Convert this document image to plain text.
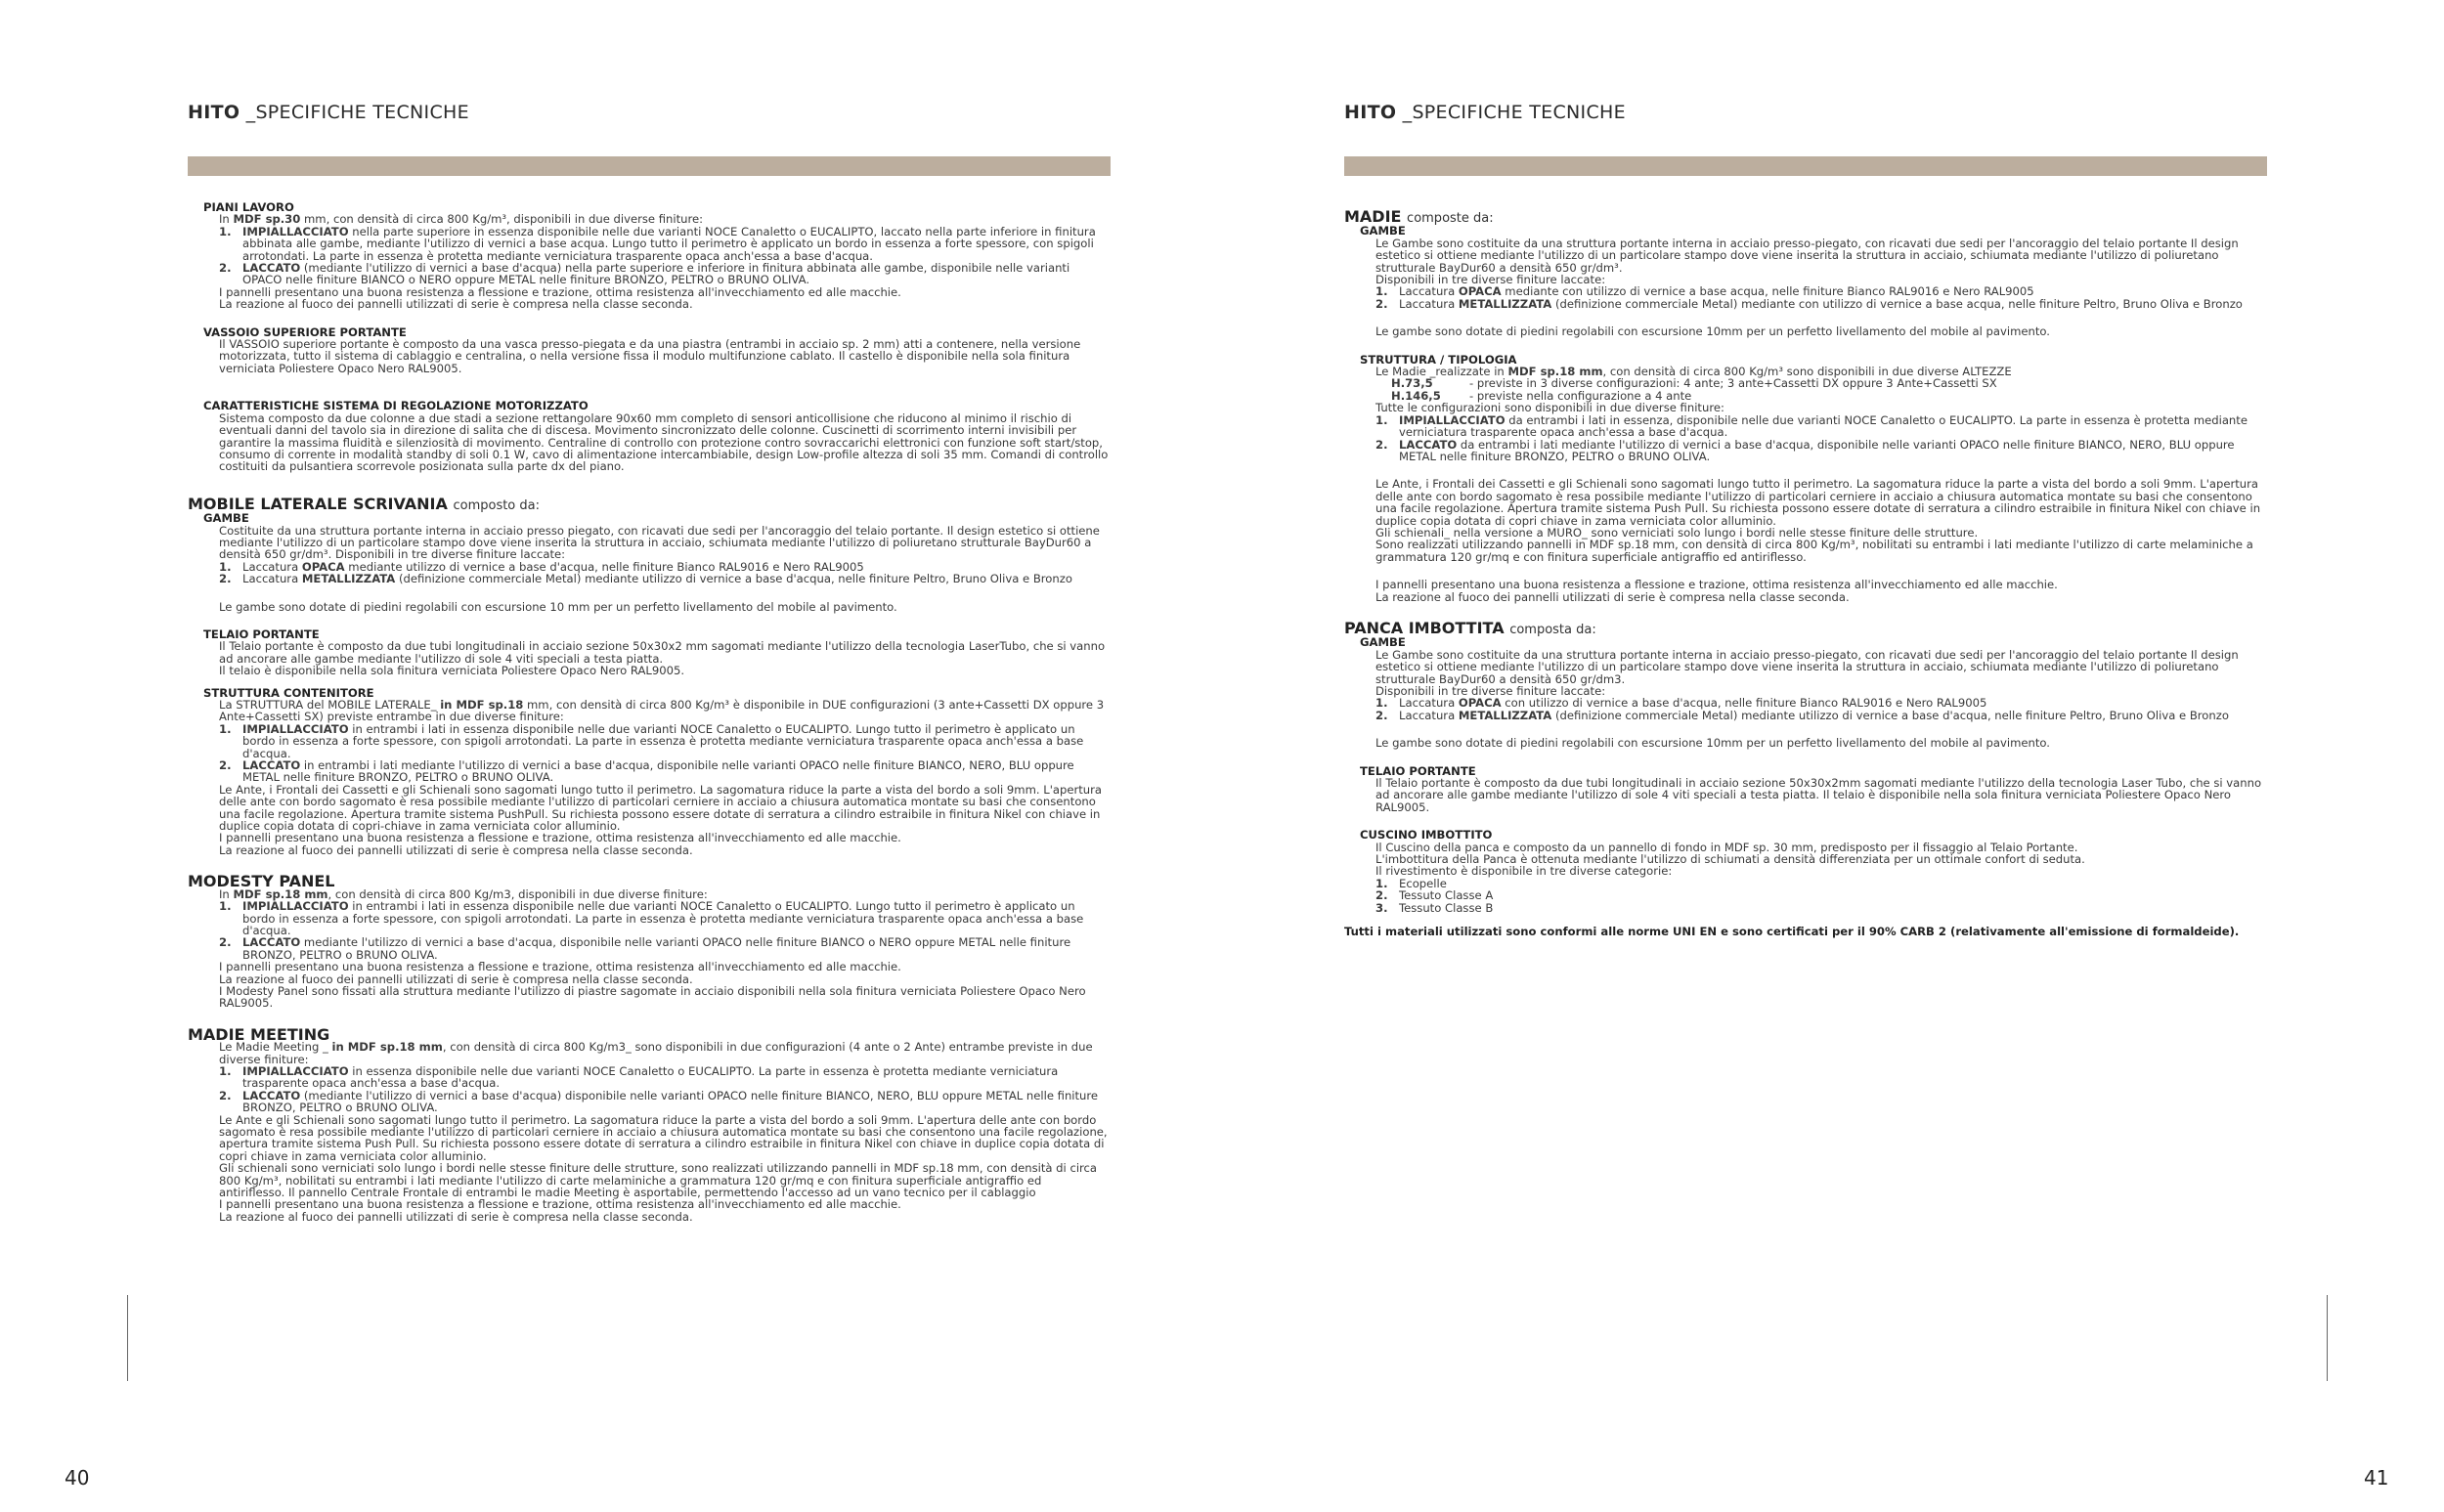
HITO _SPECIFICHE TECNICHE
PIANI LAVORO
In MDF sp.30 mm, con densità di circa 800 Kg/m³, disponibili in due diverse finiture:
1. IMPIALLACCIATO nella parte superiore in essenza disponibile nelle due varianti NOCE Canaletto o EUCALIPTO, laccato nella parte inferiore in finitura abbinata alle gambe, mediante l'utilizzo di vernici a base acqua. Lungo tutto il perimetro è applicato un bordo in essenza a forte spessore, con spigoli arrotondati. La parte in essenza è protetta mediante verniciatura trasparente opaca anch'essa a base d'acqua.
2. LACCATO (mediante l'utilizzo di vernici a base d'acqua) nella parte superiore e inferiore in finitura abbinata alle gambe, disponibile nelle varianti OPACO nelle finiture BIANCO o NERO oppure METAL nelle finiture BRONZO, PELTRO o BRUNO OLIVA.
I pannelli presentano una buona resistenza a flessione e trazione, ottima resistenza all'invecchiamento ed alle macchie.
La reazione al fuoco dei pannelli utilizzati di serie è compresa nella classe seconda.
VASSOIO SUPERIORE PORTANTE
Il VASSOIO superiore portante è composto da una vasca presso-piegata e da una piastra (entrambi in acciaio sp. 2 mm) atti a contenere, nella versione motorizzata, tutto il sistema di cablaggio e centralina, o nella versione fissa il modulo multifunzione cablato. Il castello è disponibile nella sola finitura verniciata Poliestere Opaco Nero RAL9005.
CARATTERISTICHE SISTEMA DI REGOLAZIONE MOTORIZZATO
Sistema composto da due colonne a due stadi a sezione rettangolare 90x60 mm completo di sensori anticollisione che riducono al minimo il rischio di eventuali danni del tavolo sia in direzione di salita che di discesa. Movimento sincronizzato delle colonne. Cuscinetti di scorrimento interni invisibili per garantire la massima fluidità e silenziosità di movimento. Centraline di controllo con protezione contro sovraccarichi elettronici con funzione soft start/stop, consumo di corrente in modalità standby di soli 0.1 W, cavo di alimentazione intercambiabile, design Low-profile altezza di soli 35 mm. Comandi di controllo costituiti da pulsantiera scorrevole posizionata sulla parte dx del piano.
MOBILE LATERALE SCRIVANIA composto da:
GAMBE
Costituite da una struttura portante interna in acciaio presso piegato, con ricavati due sedi per l'ancoraggio del telaio portante. Il design estetico si ottiene mediante l'utilizzo di un particolare stampo dove viene inserita la struttura in acciaio, schiumata mediante l'utilizzo di poliuretano strutturale BayDur60 a densità 650 gr/dm³. Disponibili in tre diverse finiture laccate:
1. Laccatura OPACA mediante utilizzo di vernice a base d'acqua, nelle finiture Bianco RAL9016 e Nero RAL9005
2. Laccatura METALLIZZATA (definizione commerciale Metal) mediante utilizzo di vernice a base d'acqua, nelle finiture Peltro, Bruno Oliva e Bronzo
Le gambe sono dotate di piedini regolabili con escursione 10 mm per un perfetto livellamento del mobile al pavimento.
TELAIO PORTANTE
Il Telaio portante è composto da due tubi longitudinali in acciaio sezione 50x30x2 mm sagomati mediante l'utilizzo della tecnologia LaserTubo, che si vanno ad ancorare alle gambe mediante l'utilizzo di sole 4 viti speciali a testa piatta.
Il telaio è disponibile nella sola finitura verniciata Poliestere Opaco Nero RAL9005.
STRUTTURA CONTENITORE
La STRUTTURA del MOBILE LATERALE_ in MDF sp.18 mm, con densità di circa 800 Kg/m³ è disponibile in DUE configurazioni (3 ante+Cassetti DX oppure 3 Ante+Cassetti SX) previste entrambe in due diverse finiture:
1. IMPIALLACCIATO in entrambi i lati in essenza disponibile nelle due varianti NOCE Canaletto o EUCALIPTO. Lungo tutto il perimetro è applicato un bordo in essenza a forte spessore, con spigoli arrotondati. La parte in essenza è protetta mediante verniciatura trasparente opaca anch'essa a base d'acqua.
2. LACCATO in entrambi i lati mediante l'utilizzo di vernici a base d'acqua, disponibile nelle varianti OPACO nelle finiture BIANCO, NERO, BLU oppure METAL nelle finiture BRONZO, PELTRO o BRUNO OLIVA.
Le Ante, i Frontali dei Cassetti e gli Schienali sono sagomati lungo tutto il perimetro. La sagomatura riduce la parte a vista del bordo a soli 9mm. L'apertura delle ante con bordo sagomato è resa possibile mediante l'utilizzo di particolari cerniere in acciaio a chiusura automatica montate su basi che consentono una facile regolazione. Apertura tramite sistema PushPull. Su richiesta possono essere dotate di serratura a cilindro estraibile in finitura Nikel con chiave in duplice copia dotata di copri-chiave in zama verniciata color alluminio.
I pannelli presentano una buona resistenza a flessione e trazione, ottima resistenza all'invecchiamento ed alle macchie.
La reazione al fuoco dei pannelli utilizzati di serie è compresa nella classe seconda.
MODESTY PANEL
In MDF sp.18 mm, con densità di circa 800 Kg/m3, disponibili in due diverse finiture:
1. IMPIALLACCIATO in entrambi i lati in essenza disponibile nelle due varianti NOCE Canaletto o EUCALIPTO. Lungo tutto il perimetro è applicato un bordo in essenza a forte spessore, con spigoli arrotondati. La parte in essenza è protetta mediante verniciatura trasparente opaca anch'essa a base d'acqua.
2. LACCATO mediante l'utilizzo di vernici a base d'acqua, disponibile nelle varianti OPACO nelle finiture BIANCO o NERO oppure METAL nelle finiture BRONZO, PELTRO o BRUNO OLIVA.
I pannelli presentano una buona resistenza a flessione e trazione, ottima resistenza all'invecchiamento ed alle macchie.
La reazione al fuoco dei pannelli utilizzati di serie è compresa nella classe seconda.
I Modesty Panel sono fissati alla struttura mediante l'utilizzo di piastre sagomate in acciaio disponibili nella sola finitura verniciata Poliestere Opaco Nero RAL9005.
MADIE MEETING
Le Madie Meeting _ in MDF sp.18 mm, con densità di circa 800 Kg/m3_ sono disponibili in due configurazioni (4 ante o 2 Ante) entrambe previste in due diverse finiture:
1. IMPIALLACCIATO in essenza disponibile nelle due varianti NOCE Canaletto o EUCALIPTO. La parte in essenza è protetta mediante verniciatura trasparente opaca anch'essa a base d'acqua.
2. LACCATO (mediante l'utilizzo di vernici a base d'acqua) disponibile nelle varianti OPACO nelle finiture BIANCO, NERO, BLU oppure METAL nelle finiture BRONZO, PELTRO o BRUNO OLIVA.
Le Ante e gli Schienali sono sagomati lungo tutto il perimetro. La sagomatura riduce la parte a vista del bordo a soli 9mm. L'apertura delle ante con bordo sagomato è resa possibile mediante l'utilizzo di particolari cerniere in acciaio a chiusura automatica montate su basi che consentono una facile regolazione, apertura tramite sistema Push Pull. Su richiesta possono essere dotate di serratura a cilindro estraibile in finitura Nikel con chiave in duplice copia dotata di copri chiave in zama verniciata color alluminio.
Gli schienali sono verniciati solo lungo i bordi nelle stesse finiture delle strutture, sono realizzati utilizzando pannelli in MDF sp.18 mm, con densità di circa 800 Kg/m³, nobilitati su entrambi i lati mediante l'utilizzo di carte melaminiche a grammatura 120 gr/mq e con finitura superficiale antigraffio ed antiriflesso. Il pannello Centrale Frontale di entrambi le madie Meeting è asportabile, permettendo l'accesso ad un vano tecnico per il cablaggio
I pannelli presentano una buona resistenza a flessione e trazione, ottima resistenza all'invecchiamento ed alle macchie.
La reazione al fuoco dei pannelli utilizzati di serie è compresa nella classe seconda.
40
HITO _SPECIFICHE TECNICHE
MADIE composte da:
GAMBE
Le Gambe sono costituite da una struttura portante interna in acciaio presso-piegato, con ricavati due sedi per l'ancoraggio del telaio portante Il design estetico si ottiene mediante l'utilizzo di un particolare stampo dove viene inserita la struttura in acciaio, schiumata mediante l'utilizzo di poliuretano strutturale BayDur60 a densità 650 gr/dm³.
Disponibili in tre diverse finiture laccate:
1. Laccatura OPACA mediante con utilizzo di vernice a base acqua, nelle finiture Bianco RAL9016 e Nero RAL9005
2. Laccatura METALLIZZATA (definizione commerciale Metal) mediante con utilizzo di vernice a base acqua, nelle finiture Peltro, Bruno Oliva e Bronzo
Le gambe sono dotate di piedini regolabili con escursione 10mm per un perfetto livellamento del mobile al pavimento.
STRUTTURA / TIPOLOGIA
Le Madie _realizzate in MDF sp.18 mm, con densità di circa 800 Kg/m³ sono disponibili in due diverse ALTEZZE
H.73,5	- previste in 3 diverse configurazioni: 4 ante; 3 ante+Cassetti DX oppure 3 Ante+Cassetti SX
H.146,5	- previste nella configurazione a 4 ante
Tutte le configurazioni sono disponibili in due diverse finiture:
1. IMPIALLACCIATO da entrambi i lati in essenza, disponibile nelle due varianti NOCE Canaletto o EUCALIPTO. La parte in essenza è protetta mediante verniciatura trasparente opaca anch'essa a base d'acqua.
2. LACCATO da entrambi i lati mediante l'utilizzo di vernici a base d'acqua, disponibile nelle varianti OPACO nelle finiture BIANCO, NERO, BLU oppure METAL nelle finiture BRONZO, PELTRO o BRUNO OLIVA.
Le Ante, i Frontali dei Cassetti e gli Schienali sono sagomati lungo tutto il perimetro. La sagomatura riduce la parte a vista del bordo a soli 9mm. L'apertura delle ante con bordo sagomato è resa possibile mediante l'utilizzo di particolari cerniere in acciaio a chiusura automatica montate su basi che consentono una facile regolazione. Apertura tramite sistema Push Pull. Su richiesta possono essere dotate di serratura a cilindro estraibile in finitura Nikel con chiave in duplice copia dotata di copri chiave in zama verniciata color alluminio.
Gli schienali_ nella versione a MURO_ sono verniciati solo lungo i bordi nelle stesse finiture delle strutture.
Sono realizzati utilizzando pannelli in MDF sp.18 mm, con densità di circa 800 Kg/m³, nobilitati su entrambi i lati mediante l'utilizzo di carte melaminiche a grammatura 120 gr/mq e con finitura superficiale antigraffio ed antiriflesso.
I pannelli presentano una buona resistenza a flessione e trazione, ottima resistenza all'invecchiamento ed alle macchie.
La reazione al fuoco dei pannelli utilizzati di serie è compresa nella classe seconda.
PANCA IMBOTTITA composta da:
GAMBE
Le Gambe sono costituite da una struttura portante interna in acciaio presso-piegato, con ricavati due sedi per l'ancoraggio del telaio portante Il design estetico si ottiene mediante l'utilizzo di un particolare stampo dove viene inserita la struttura in acciaio, schiumata mediante l'utilizzo di poliuretano strutturale BayDur60 a densità 650 gr/dm3.
Disponibili in tre diverse finiture laccate:
1. Laccatura OPACA con utilizzo di vernice a base d'acqua, nelle finiture Bianco RAL9016 e Nero RAL9005
2. Laccatura METALLIZZATA (definizione commerciale Metal) mediante utilizzo di vernice a base d'acqua, nelle finiture Peltro, Bruno Oliva e Bronzo
Le gambe sono dotate di piedini regolabili con escursione 10mm per un perfetto livellamento del mobile al pavimento.
TELAIO PORTANTE
Il Telaio portante è composto da due tubi longitudinali in acciaio sezione 50x30x2mm sagomati mediante l'utilizzo della tecnologia Laser Tubo, che si vanno ad ancorare alle gambe mediante l'utilizzo di sole 4 viti speciali a testa piatta. Il telaio è disponibile nella sola finitura verniciata Poliestere Opaco Nero RAL9005.
CUSCINO IMBOTTITO
Il Cuscino della panca e composto da un pannello di fondo in MDF sp. 30 mm, predisposto per il fissaggio al Telaio Portante.
L'imbottitura della Panca è ottenuta mediante l'utilizzo di schiumati a densità differenziata per un ottimale confort di seduta.
Il rivestimento è disponibile in tre diverse categorie:
1. Ecopelle
2. Tessuto Classe A
3. Tessuto Classe B
Tutti i materiali utilizzati sono conformi alle norme UNI EN e sono certificati per il 90% CARB 2 (relativamente all'emissione di formaldeide).
41
